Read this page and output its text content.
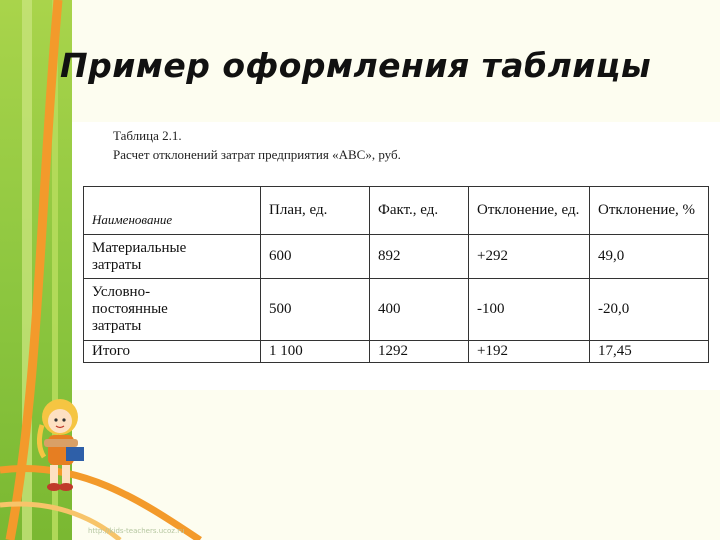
Пример оформления таблицы
Таблица 2.1.
Расчет отклонений затрат предприятия «ABC», руб.
Наименование	План, ед.	Факт., ед.	Отклонение, ед.	Отклонение, %
Материальные
затраты	600	892	+292	49,0
Условно-
постоянные
затраты	500	400	-100	-20,0
Итого	1 100	1292	+192	17,45
http://kids-teachers.ucoz.ru
